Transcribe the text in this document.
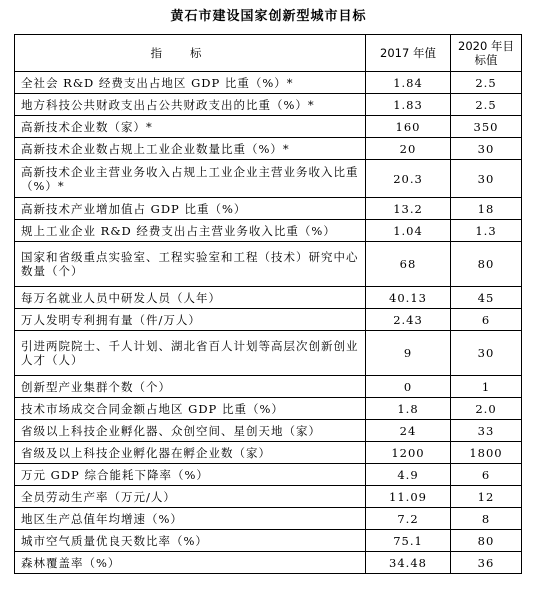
黄石市建设国家创新型城市目标
指标	2017 年值	2020 年目标值
全社会 R&D 经费支出占地区 GDP 比重（%）*	1.84	2.5
地方科技公共财政支出占公共财政支出的比重（%）*	1.83	2.5
高新技术企业数（家）*	160	350
高新技术企业数占规上工业企业数量比重（%）*	20	30
高新技术企业主营业务收入占规上工业企业主营业务收入比重（%）*	20.3	30
高新技术产业增加值占 GDP 比重（%）	13.2	18
规上工业企业 R&D 经费支出占主营业务收入比重（%）	1.04	1.3
国家和省级重点实验室、工程实验室和工程（技术）研究中心数量（个）	68	80
每万名就业人员中研发人员（人年）	40.13	45
万人发明专利拥有量（件/万人）	2.43	6
引进两院院士、千人计划、湖北省百人计划等高层次创新创业人才（人）	9	30
创新型产业集群个数（个）	0	1
技术市场成交合同金额占地区 GDP 比重（%）	1.8	2.0
省级以上科技企业孵化器、众创空间、星创天地（家）	24	33
省级及以上科技企业孵化器在孵企业数（家）	1200	1800
万元 GDP 综合能耗下降率（%）	4.9	6
全员劳动生产率（万元/人）	11.09	12
地区生产总值年均增速（%）	7.2	8
城市空气质量优良天数比率（%）	75.1	80
森林覆盖率（%）	34.48	36
